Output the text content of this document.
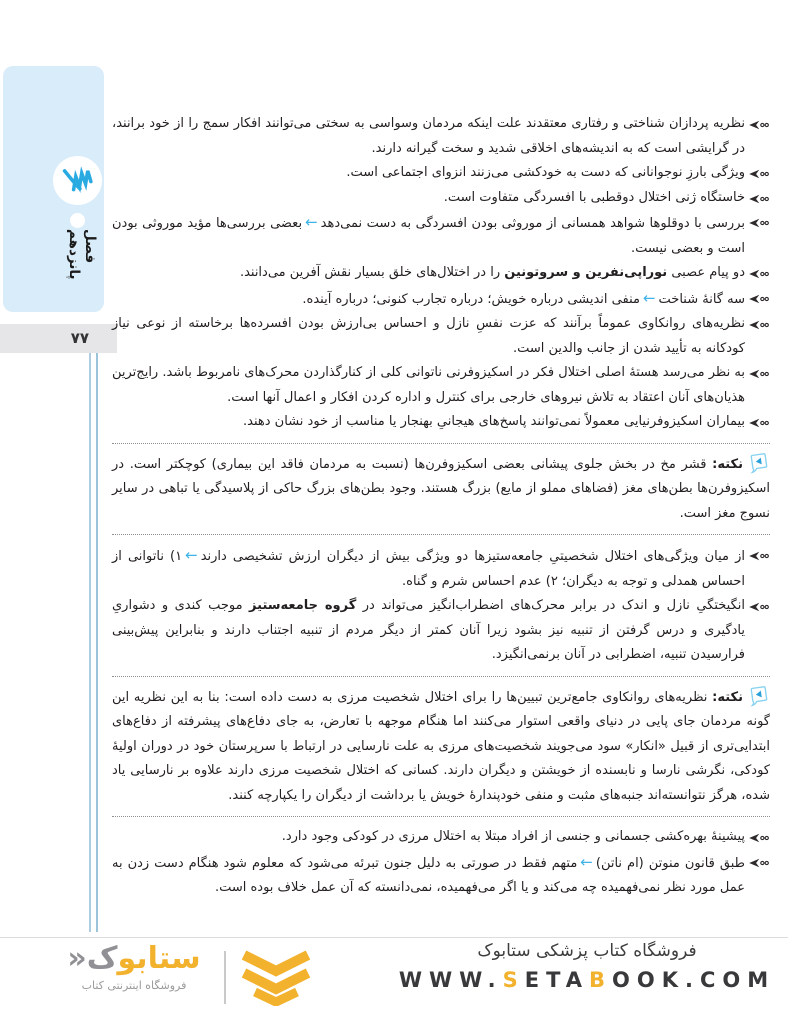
فصل پانزدهم
۷۷
نظریه پردازان شناختی و رفتاری معتقدند علت اینکه مردمان وسواسی به سختی می‌توانند افکار سمج را از خود برانند، در گرایشی است که به اندیشه‌های اخلاقی شدید و سخت گیرانه دارند.
ویژگی بارزِ نوجوانانی که دست به خودکشی می‌زنند انزوای اجتماعی است.
خاستگاه ژنی اختلال دوقطبی با افسردگی متفاوت است.
بررسی با دوقلوها شواهد همسانی از موروثی بودن افسردگی به دست نمی‌دهد←بعضی بررسی‌ها مؤید موروثی بودن است و بعضی نیست.
دو پیام عصبی نوراپی‌نفرین و سروتونین را در اختلال‌های خلق بسیار نقش آفرین می‌دانند.
سه گانهٔ شناخت←منفی اندیشی درباره خویش؛ درباره تجارب کنونی؛ درباره آینده.
نظریه‌های روانکاوی عموماً برآنند که عزت نفسِ نازل و احساس بی‌ارزش بودن افسرده‌ها برخاسته از نوعی نیاز کودکانه به تأیید شدن از جانب والدین است.
به نظر می‌رسد هستهٔ اصلی اختلال فکر در اسکیزوفرنی ناتوانی کلی از کنارگذاردن محرک‌های نامربوط باشد. رایج‌ترین هذیان‌های آنان اعتقاد به تلاش نیروهای خارجی برای کنترل و اداره کردن افکار و اعمال آنها است.
بیماران اسکیزوفرنیایی معمولاً نمی‌توانند پاسخ‌های هیجانیِ بهنجار یا مناسب از خود نشان دهند.
نکته: قشر مخ در بخش جلوی پیشانی بعضی اسکیزوفرن‌ها (نسبت به مردمان فاقد این بیماری) کوچکتر است. در اسکیزوفرن‌ها بطن‌های مغز (فضاهای مملو از مایع) بزرگ هستند. وجود بطن‌های بزرگ حاکی از پلاسیدگی یا تباهی در سایر نسوج مغز است.
از میان ویژگی‌های اختلال شخصیتیِ جامعه‌ستیزها دو ویژگی بیش از دیگران ارزش تشخیصی دارند←۱) ناتوانی از احساس همدلی و توجه به دیگران؛ ۲) عدم احساس شرم و گناه.
انگیختگیِ نازل و اندک در برابر محرک‌های اضطراب‌انگیز می‌تواند در گروه جامعه‌ستیز موجب کندی و دشواریِ یادگیری و درس گرفتن از تنبیه نیز بشود زیرا آنان کمتر از دیگر مردم از تنبیه اجتناب دارند و بنابراین پیش‌بینی فرارسیدن تنبیه، اضطرابی در آنان برنمی‌انگیزد.
نکته: نظریه‌های روانکاوی جامع‌ترین تبیین‌ها را برای اختلال شخصیت مرزی به دست داده است: بنا به این نظریه این گونه مردمان جای پایی در دنیای واقعی استوار می‌کنند اما هنگام موجهه با تعارض، به جای دفاع‌های پیشرفته از دفاع‌های ابتدایی‌تری از قبیل «انکار» سود می‌جویند شخصیت‌های مرزی به علت نارسایی در ارتباط با سرپرستان خود در دوران اولیهٔ کودکی، نگرشی نارسا و نابسنده از خویشتن و دیگران دارند. کسانی که اختلال شخصیت مرزی دارند علاوه بر نارسایی یاد شده، هرگز نتوانسته‌اند جنبه‌های مثبت و منفی خودپندارهٔ خویش یا برداشت از دیگران را یکپارچه کنند.
پیشینهٔ بهره‌کشی جسمانی و جنسی از افراد مبتلا به اختلال مرزی در کودکی وجود دارد.
طبق قانون منوتن (ام ناتن)←متهم فقط در صورتی به دلیل جنون تبرئه می‌شود که معلوم شود هنگام دست زدن به عمل مورد نظر نمی‌فهمیده چه می‌کند و یا اگر می‌فهمیده، نمی‌دانسته که آن عمل خلاف بوده است.
ستابوک«
فروشگاه اینترنتی کتاب
فروشگاه کتاب پزشکی ستابوک
WWW.SETABOOK.COM
